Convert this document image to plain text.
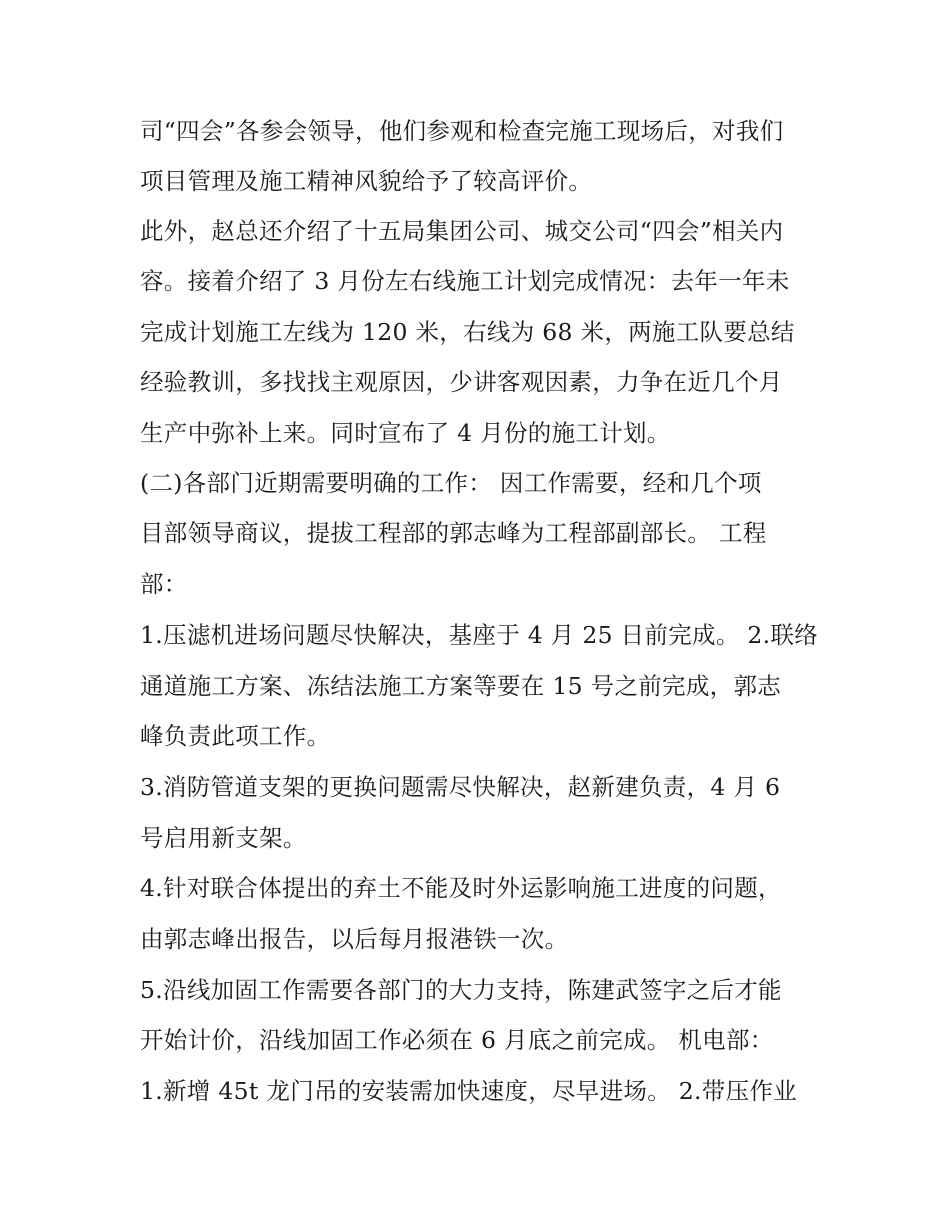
司“四会”各参会领导，他们参观和检查完施工现场后，对我们
项目管理及施工精神风貌给予了较高评价。
此外，赵总还介绍了十五局集团公司、城交公司“四会”相关内
容。接着介绍了 3 月份左右线施工计划完成情况：去年一年未
完成计划施工左线为 120 米，右线为 68 米，两施工队要总结
经验教训，多找找主观原因，少讲客观因素，力争在近几个月
生产中弥补上来。同时宣布了 4 月份的施工计划。
(二)各部门近期需要明确的工作： 因工作需要，经和几个项
目部领导商议，提拔工程部的郭志峰为工程部副部长。 工程
部：
1.压滤机进场问题尽快解决，基座于 4 月 25 日前完成。 2.联络
通道施工方案、冻结法施工方案等要在 15 号之前完成，郭志
峰负责此项工作。
3.消防管道支架的更换问题需尽快解决，赵新建负责，4 月 6
号启用新支架。
4.针对联合体提出的弃土不能及时外运影响施工进度的问题，
由郭志峰出报告，以后每月报港铁一次。
5.沿线加固工作需要各部门的大力支持，陈建武签字之后才能
开始计价，沿线加固工作必须在 6 月底之前完成。 机电部：
1.新增 45t 龙门吊的安装需加快速度，尽早进场。 2.带压作业
